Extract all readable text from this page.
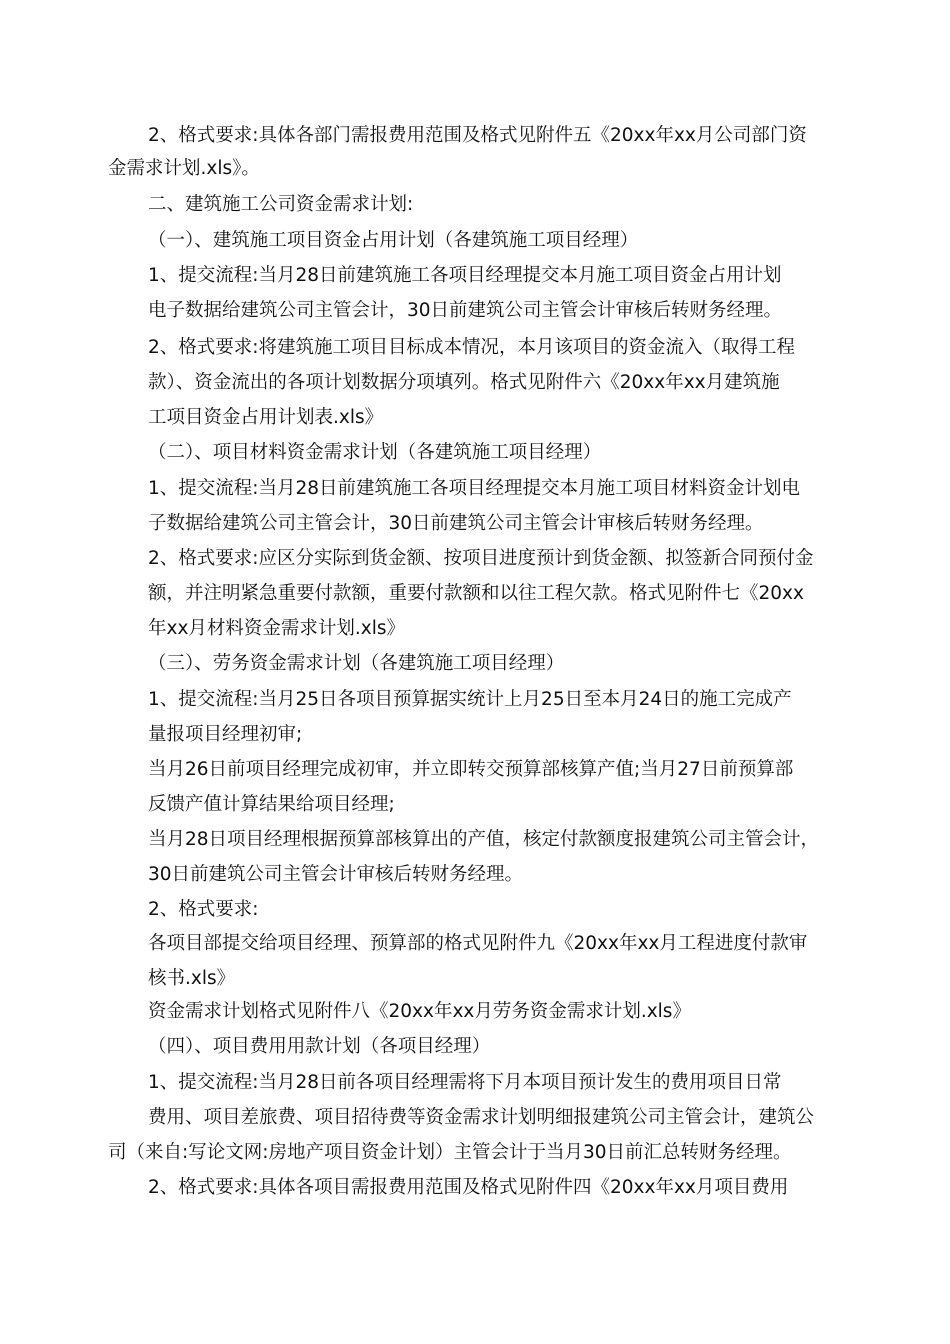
2、格式要求:具体各部门需报费用范围及格式见附件五《20xx年xx月公司部门资
金需求计划.xls》。
二、建筑施工公司资金需求计划:
（一）、建筑施工项目资金占用计划（各建筑施工项目经理）
1、提交流程:当月28日前建筑施工各项目经理提交本月施工项目资金占用计划
电子数据给建筑公司主管会计，30日前建筑公司主管会计审核后转财务经理。
2、格式要求:将建筑施工项目目标成本情况，本月该项目的资金流入（取得工程
款）、资金流出的各项计划数据分项填列。格式见附件六《20xx年xx月建筑施
工项目资金占用计划表.xls》
（二）、项目材料资金需求计划（各建筑施工项目经理）
1、提交流程:当月28日前建筑施工各项目经理提交本月施工项目材料资金计划电
子数据给建筑公司主管会计，30日前建筑公司主管会计审核后转财务经理。
2、格式要求:应区分实际到货金额、按项目进度预计到货金额、拟签新合同预付金
额，并注明紧急重要付款额，重要付款额和以往工程欠款。格式见附件七《20xx
年xx月材料资金需求计划.xls》
（三）、劳务资金需求计划（各建筑施工项目经理）
1、提交流程:当月25日各项目预算据实统计上月25日至本月24日的施工完成产
量报项目经理初审;
当月26日前项目经理完成初审，并立即转交预算部核算产值;当月27日前预算部
反馈产值计算结果给项目经理;
当月28日项目经理根据预算部核算出的产值，核定付款额度报建筑公司主管会计，
30日前建筑公司主管会计审核后转财务经理。
2、格式要求:
各项目部提交给项目经理、预算部的格式见附件九《20xx年xx月工程进度付款审
核书.xls》
资金需求计划格式见附件八《20xx年xx月劳务资金需求计划.xls》
（四）、项目费用用款计划（各项目经理）
1、提交流程:当月28日前各项目经理需将下月本项目预计发生的费用项目日常
费用、项目差旅费、项目招待费等资金需求计划明细报建筑公司主管会计，建筑公
司（来自:写论文网:房地产项目资金计划）主管会计于当月30日前汇总转财务经理。
2、格式要求:具体各项目需报费用范围及格式见附件四《20xx年xx月项目费用
